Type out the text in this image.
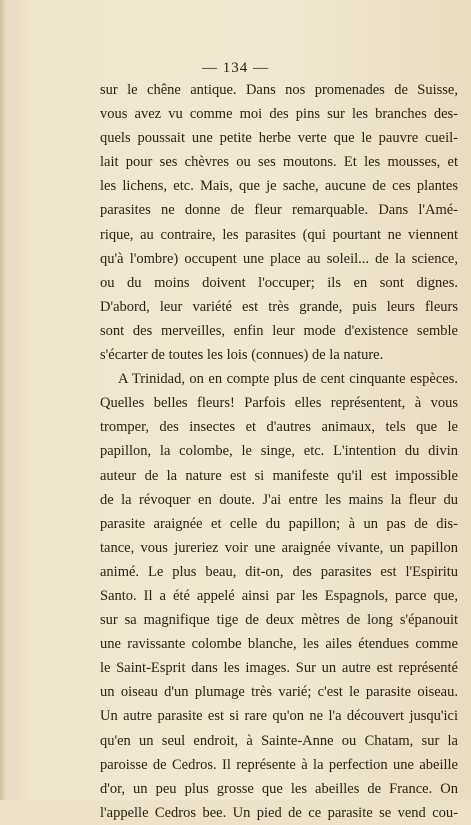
— 134 —
sur le chêne antique. Dans nos promenades de Suisse,
vous avez vu comme moi des pins sur les branches des-
quels poussait une petite herbe verte que le pauvre cueil-
lait pour ses chèvres ou ses moutons. Et les mousses, et
les lichens, etc. Mais, que je sache, aucune de ces plantes
parasites ne donne de fleur remarquable. Dans l'Amé-
rique, au contraire, les parasites (qui pourtant ne viennent
qu'à l'ombre) occupent une place au soleil... de la science,
ou du moins doivent l'occuper; ils en sont dignes.
D'abord, leur variété est très grande, puis leurs fleurs
sont des merveilles, enfin leur mode d'existence semble
s'écarter de toutes les lois (connues) de la nature.
A Trinidad, on en compte plus de cent cinquante espèces.
Quelles belles fleurs! Parfois elles représentent, à vous
tromper, des insectes et d'autres animaux, tels que le
papillon, la colombe, le singe, etc. L'intention du divin
auteur de la nature est si manifeste qu'il est impossible
de la révoquer en doute. J'ai entre les mains la fleur du
parasite araignée et celle du papillon; à un pas de dis-
tance, vous jureriez voir une araignée vivante, un papillon
animé. Le plus beau, dit-on, des parasites est l'Espiritu
Santo. Il a été appelé ainsi par les Espagnols, parce que,
sur sa magnifique tige de deux mètres de long s'épanouit
une ravissante colombe blanche, les ailes étendues comme
le Saint-Esprit dans les images. Sur un autre est représenté
un oiseau d'un plumage très varié; c'est le parasite oiseau.
Un autre parasite est si rare qu'on ne l'a découvert jusqu'ici
qu'en un seul endroit, à Sainte-Anne ou Chatam, sur la
paroisse de Cedros. Il représente à la perfection une abeille
d'or, un peu plus grosse que les abeilles de France. On
l'appelle Cedros bee. Un pied de ce parasite se vend cou-
